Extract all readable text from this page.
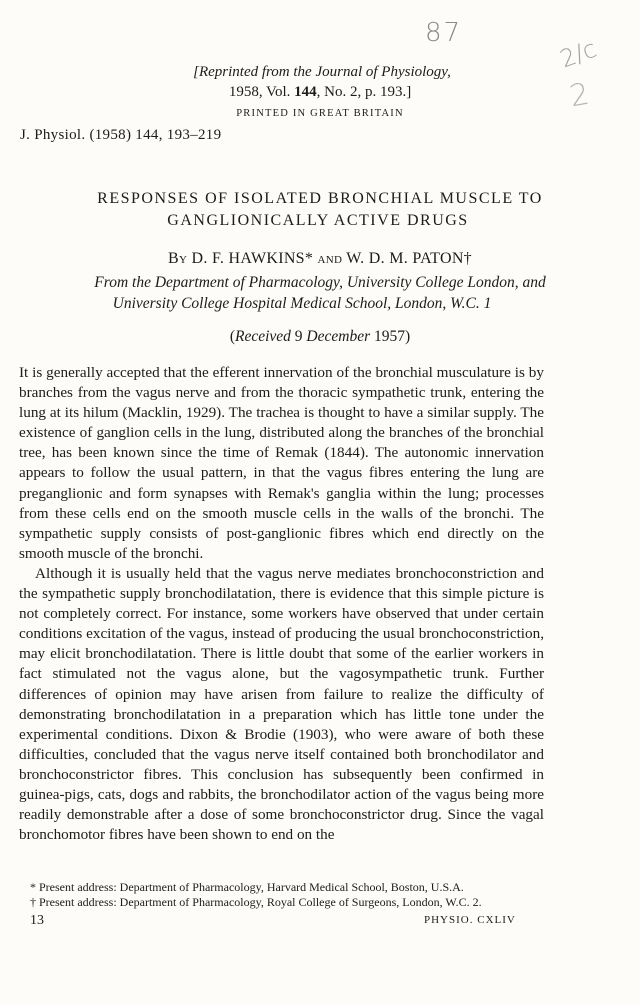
87
2/c
2
[Reprinted from the Journal of Physiology,
1958, Vol. 144, No. 2, p. 193.]
PRINTED IN GREAT BRITAIN
J. Physiol. (1958) 144, 193–219
RESPONSES OF ISOLATED BRONCHIAL MUSCLE TO
GANGLIONICALLY ACTIVE DRUGS
By D. F. HAWKINS* and W. D. M. PATON†
From the Department of Pharmacology, University College London, and
University College Hospital Medical School, London, W.C. 1
(Received 9 December 1957)

It is generally accepted that the efferent innervation of the bronchial musculature is by branches from the vagus nerve and from the thoracic sympathetic trunk, entering the lung at its hilum (Macklin, 1929). The trachea is thought to have a similar supply. The existence of ganglion cells in the lung, distributed along the branches of the bronchial tree, has been known since the time of Remak (1844). The autonomic innervation appears to follow the usual pattern, in that the vagus fibres entering the lung are preganglionic and form synapses with Remak's ganglia within the lung; processes from these cells end on the smooth muscle cells in the walls of the bronchi. The sympathetic supply consists of post-ganglionic fibres which end directly on the smooth muscle of the bronchi.

Although it is usually held that the vagus nerve mediates bronchoconstriction and the sympathetic supply bronchodilatation, there is evidence that this simple picture is not completely correct. For instance, some workers have observed that under certain conditions excitation of the vagus, instead of producing the usual bronchoconstriction, may elicit bronchodilatation. There is little doubt that some of the earlier workers in fact stimulated not the vagus alone, but the vagosympathetic trunk. Further differences of opinion may have arisen from failure to realize the difficulty of demonstrating bronchodilatation in a preparation which has little tone under the experimental conditions. Dixon & Brodie (1903), who were aware of both these difficulties, concluded that the vagus nerve itself contained both bronchodilator and bronchoconstrictor fibres. This conclusion has subsequently been confirmed in guinea-pigs, cats, dogs and rabbits, the bronchodilator action of the vagus being more readily demonstrable after a dose of some bronchoconstrictor drug. Since the vagal bronchomotor fibres have been shown to end on the

* Present address: Department of Pharmacology, Harvard Medical School, Boston, U.S.A.
† Present address: Department of Pharmacology, Royal College of Surgeons, London, W.C. 2.
13	PHYSIO. CXLIV
